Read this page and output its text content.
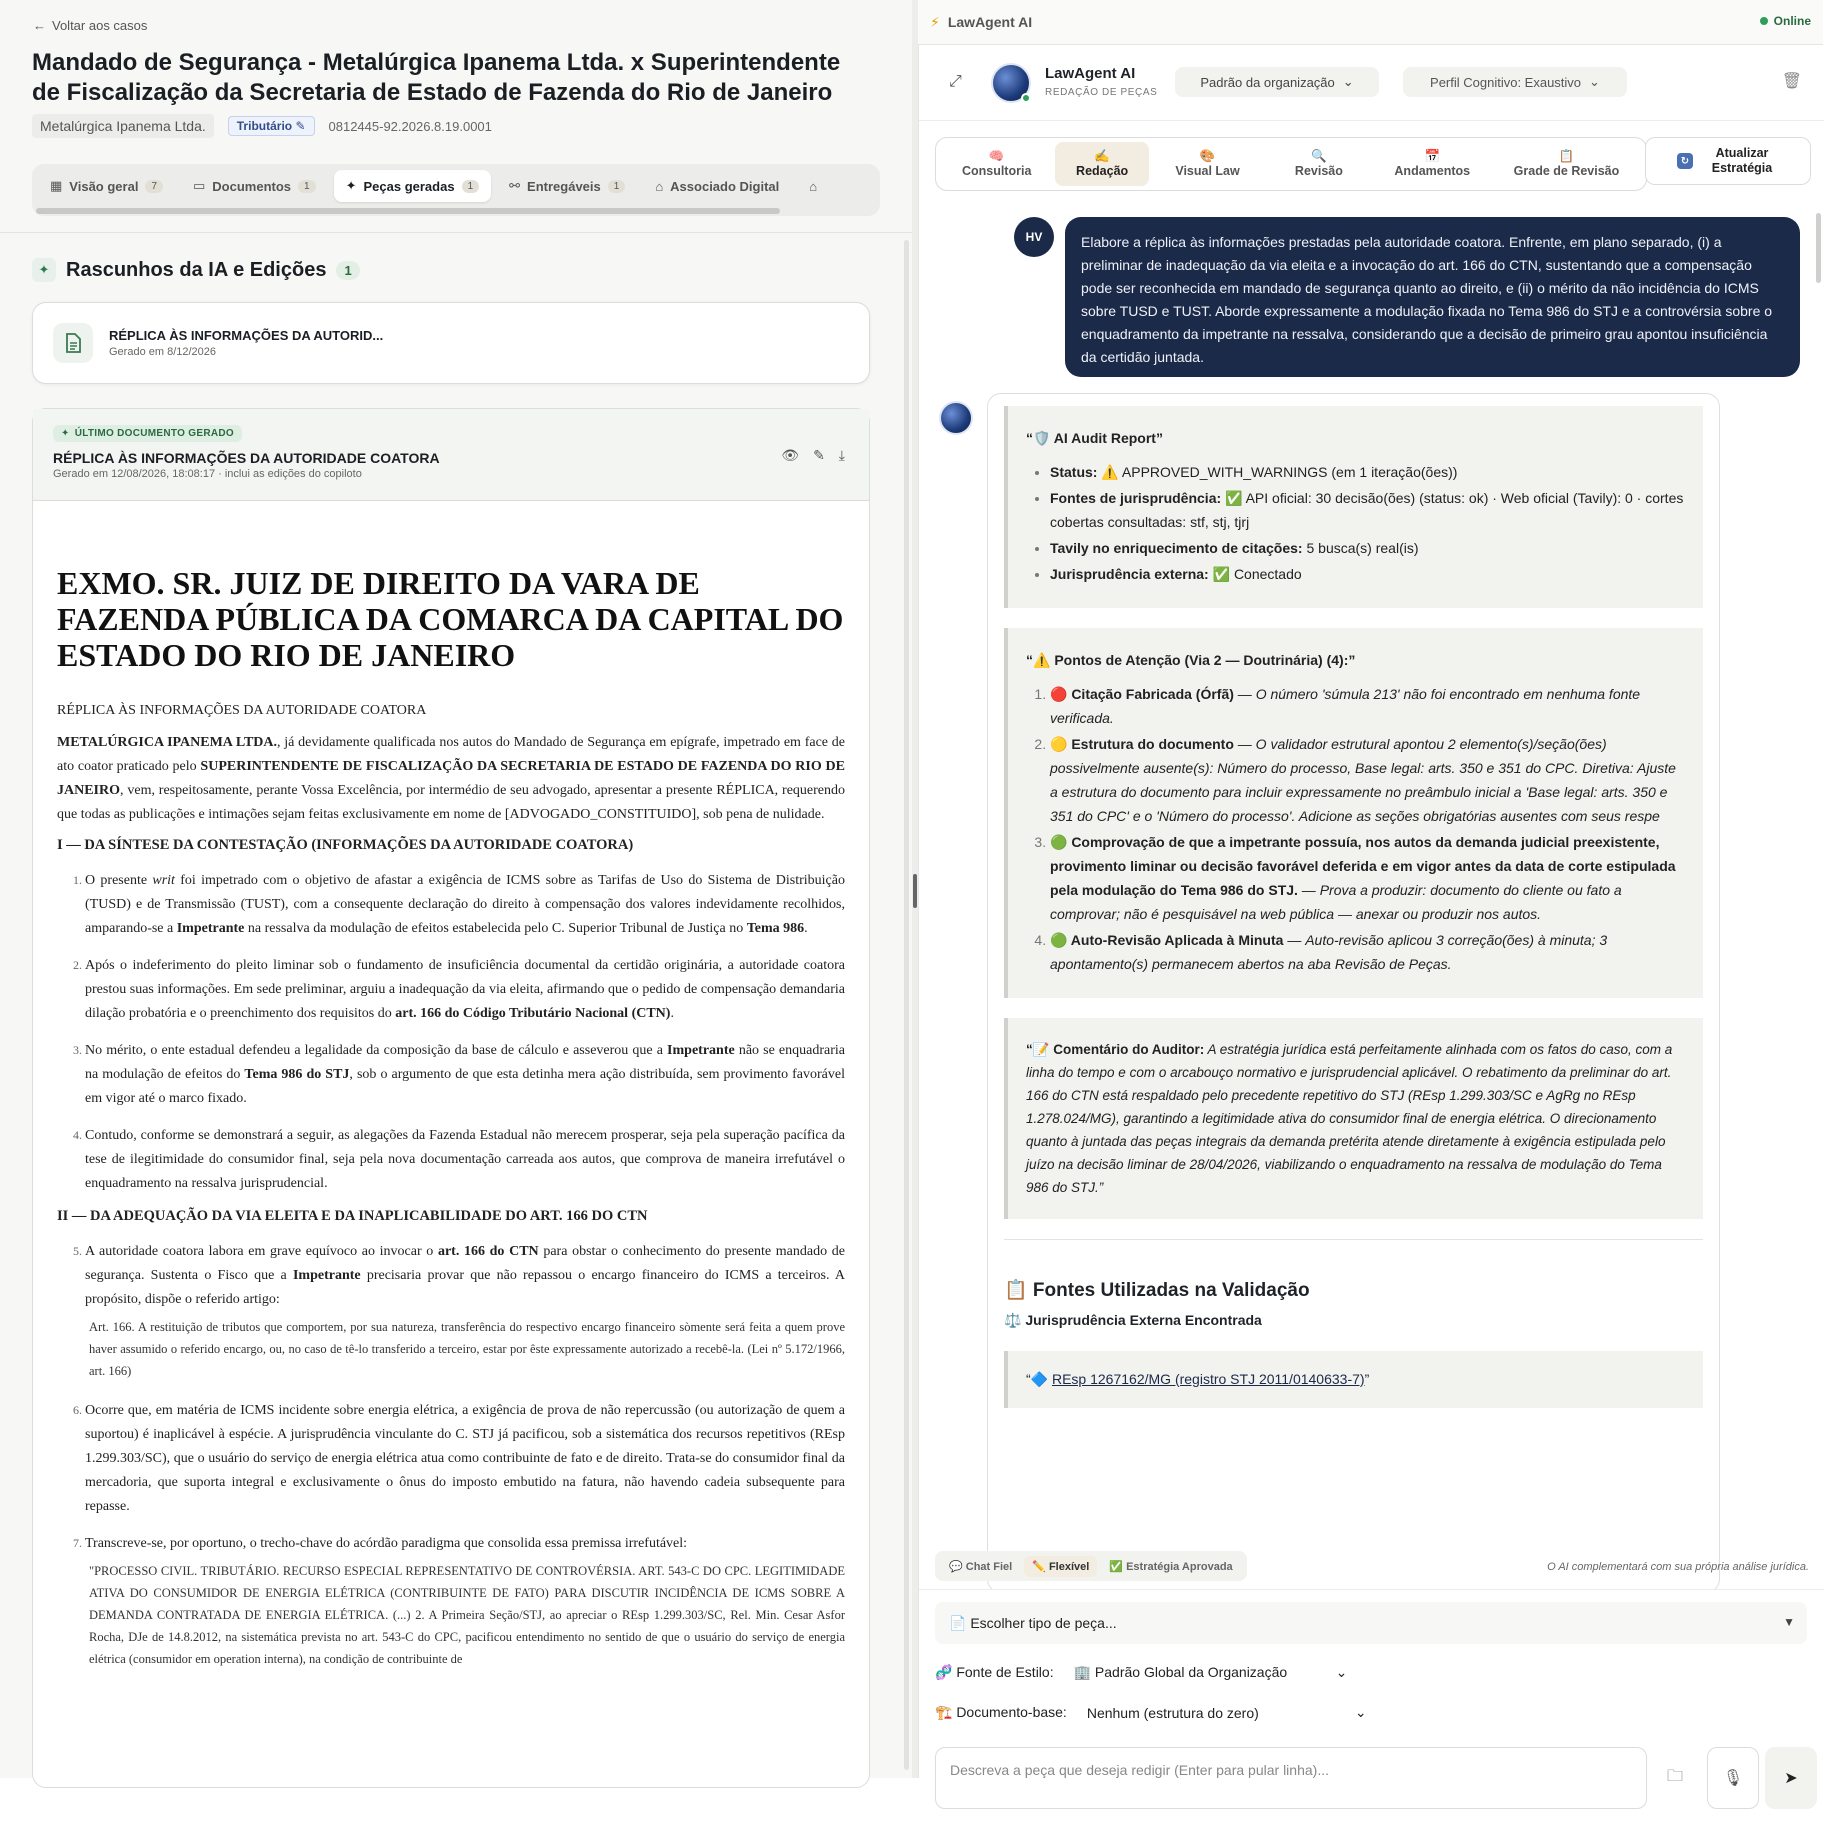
← Voltar aos casos
Mandado de Segurança - Metalúrgica Ipanema Ltda. x Superintendente de Fiscalização da Secretaria de Estado de Fazenda do Rio de Janeiro
Metalúrgica Ipanema Ltda.	Tributário ✎	0812445-92.2026.8.19.0001
▦ Visão geral	7	▭ Documentos	1	✦ Peças geradas	1	⚯ Entregáveis	1	⌂ Associado Digital ⌂
✦ Rascunhos da IA e Edições	1
RÉPLICA ÀS INFORMAÇÕES DA AUTORID...
Gerado em 8/12/2026
✦ ÚLTIMO DOCUMENTO GERADO
RÉPLICA ÀS INFORMAÇÕES DA AUTORIDADE COATORA
Gerado em 12/08/2026, 18:08:17 · inclui as edições do copiloto
👁 ✎ ⤓
EXMO. SR. JUIZ DE DIREITO DA VARA DE FAZENDA PÚBLICA DA COMARCA DA CAPITAL DO ESTADO DO RIO DE JANEIRO
RÉPLICA ÀS INFORMAÇÕES DA AUTORIDADE COATORA

METALÚRGICA IPANEMA LTDA., já devidamente qualificada nos autos do Mandado de Segurança em epígrafe, impetrado em face de ato coator praticado pelo SUPERINTENDENTE DE FISCALIZAÇÃO DA SECRETARIA DE ESTADO DE FAZENDA DO RIO DE JANEIRO, vem, respeitosamente, perante Vossa Excelência, por intermédio de seu advogado, apresentar a presente RÉPLICA, requerendo que todas as publicações e intimações sejam feitas exclusivamente em nome de [ADVOGADO_CONSTITUIDO], sob pena de nulidade.

I — DA SÍNTESE DA CONTESTAÇÃO (INFORMAÇÕES DA AUTORIDADE COATORA)
1. O presente writ foi impetrado com o objetivo de afastar a exigência de ICMS sobre as Tarifas de Uso do Sistema de Distribuição (TUSD) e de Transmissão (TUST), com a consequente declaração do direito à compensação dos valores indevidamente recolhidos, amparando-se a Impetrante na ressalva da modulação de efeitos estabelecida pelo C. Superior Tribunal de Justiça no Tema 986.
2. Após o indeferimento do pleito liminar sob o fundamento de insuficiência documental da certidão originária, a autoridade coatora prestou suas informações. Em sede preliminar, arguiu a inadequação da via eleita, afirmando que o pedido de compensação demandaria dilação probatória e o preenchimento dos requisitos do art. 166 do Código Tributário Nacional (CTN).
3. No mérito, o ente estadual defendeu a legalidade da composição da base de cálculo e asseverou que a Impetrante não se enquadraria na modulação de efeitos do Tema 986 do STJ, sob o argumento de que esta detinha mera ação distribuída, sem provimento favorável em vigor até o marco fixado.
4. Contudo, conforme se demonstrará a seguir, as alegações da Fazenda Estadual não merecem prosperar, seja pela superação pacífica da tese de ilegitimidade do consumidor final, seja pela nova documentação carreada aos autos, que comprova de maneira irrefutável o enquadramento na ressalva jurisprudencial.
II — DA ADEQUAÇÃO DA VIA ELEITA E DA INAPLICABILIDADE DO ART. 166 DO CTN
5. A autoridade coatora labora em grave equívoco ao invocar o art. 166 do CTN para obstar o conhecimento do presente mandado de segurança. Sustenta o Fisco que a Impetrante precisaria provar que não repassou o encargo financeiro do ICMS a terceiros. A propósito, dispõe o referido artigo:
Art. 166. A restituição de tributos que comportem, por sua natureza, transferência do respectivo encargo financeiro sòmente será feita a quem prove haver assumido o referido encargo, ou, no caso de tê-lo transferido a terceiro, estar por êste expressamente autorizado a recebê-la. (Lei nº 5.172/1966, art. 166)
6. Ocorre que, em matéria de ICMS incidente sobre energia elétrica, a exigência de prova de não repercussão (ou autorização de quem a suportou) é inaplicável à espécie. A jurisprudência vinculante do C. STJ já pacificou, sob a sistemática dos recursos repetitivos (REsp 1.299.303/SC), que o usuário do serviço de energia elétrica atua como contribuinte de fato e de direito. Trata-se do consumidor final da mercadoria, que suporta integral e exclusivamente o ônus do imposto embutido na fatura, não havendo cadeia subsequente para repasse.
7. Transcreve-se, por oportuno, o trecho-chave do acórdão paradigma que consolida essa premissa irrefutável:
"PROCESSO CIVIL. TRIBUTÁRIO. RECURSO ESPECIAL REPRESENTATIVO DE CONTROVÉRSIA. ART. 543-C DO CPC. LEGITIMIDADE ATIVA DO CONSUMIDOR DE ENERGIA ELÉTRICA (CONTRIBUINTE DE FATO) PARA DISCUTIR INCIDÊNCIA DE ICMS SOBRE A DEMANDA CONTRATADA DE ENERGIA ELÉTRICA. (...) 2. A Primeira Seção/STJ, ao apreciar o REsp 1.299.303/SC, Rel. Min. Cesar Asfor Rocha, DJe de 14.8.2012, na sistemática prevista no art. 543-C do CPC, pacificou entendimento no sentido de que o usuário do serviço de energia elétrica (consumidor em operation interna), na condição de contribuinte de
⚡ LawAgent AI	Online
⤢	LawAgent AI
REDAÇÃO DE PEÇAS
Padrão da organização ⌄	Perfil Cognitivo: Exaustivo ⌄	🗑
🧠
Consultoria
✍️
Redação
🎨
Visual Law
🔍
Revisão
📅
Andamentos
📋
Grade de Revisão
↻
Atualizar Estratégia
HV	Elabore a réplica às informações prestadas pela autoridade coatora. Enfrente, em plano separado, (i) a preliminar de inadequação da via eleita e a invocação do art. 166 do CTN, sustentando que a compensação pode ser reconhecida em mandado de segurança quanto ao direito, e (ii) o mérito da não incidência do ICMS sobre TUSD e TUST. Aborde expressamente a modulação fixada no Tema 986 do STJ e a controvérsia sobre o enquadramento da impetrante na ressalva, considerando que a decisão de primeiro grau apontou insuficiência da certidão juntada.
“🛡️ AI Audit Report”
• Status: ⚠️ APPROVED_WITH_WARNINGS (em 1 iteração(ões))
• Fontes de jurisprudência: ✅ API oficial: 30 decisão(ões) (status: ok) · Web oficial (Tavily): 0 · cortes cobertas consultadas: stf, stj, tjrj
• Tavily no enriquecimento de citações: 5 busca(s) real(is)
• Jurisprudência externa: ✅ Conectado
“⚠️ Pontos de Atenção (Via 2 — Doutrinária) (4):”
1. 🔴 Citação Fabricada (Órfã) — O número 'súmula 213' não foi encontrado em nenhuma fonte verificada.
2. 🟡 Estrutura do documento — O validador estrutural apontou 2 elemento(s)/seção(ões) possivelmente ausente(s): Número do processo, Base legal: arts. 350 e 351 do CPC. Diretiva: Ajuste a estrutura do documento para incluir expressamente no preâmbulo inicial a 'Base legal: arts. 350 e 351 do CPC' e o 'Número do processo'. Adicione as seções obrigatórias ausentes com seus respe
3. 🟢 Comprovação de que a impetrante possuía, nos autos da demanda judicial preexistente, provimento liminar ou decisão favorável deferida e em vigor antes da data de corte estipulada pela modulação do Tema 986 do STJ. — Prova a produzir: documento do cliente ou fato a comprovar; não é pesquisável na web pública — anexar ou produzir nos autos.
4. 🟢 Auto-Revisão Aplicada à Minuta — Auto-revisão aplicou 3 correção(ões) à minuta; 3 apontamento(s) permanecem abertos na aba Revisão de Peças.
“📝 Comentário do Auditor: A estratégia jurídica está perfeitamente alinhada com os fatos do caso, com a linha do tempo e com o arcabouço normativo e jurisprudencial aplicável. O rebatimento da preliminar do art. 166 do CTN está respaldado pelo precedente repetitivo do STJ (REsp 1.299.303/SC e AgRg no REsp 1.278.024/MG), garantindo a legitimidade ativa do consumidor final de energia elétrica. O direcionamento quanto à juntada das peças integrais da demanda pretérita atende diretamente à exigência estipulada pelo juízo na decisão liminar de 28/04/2026, viabilizando o enquadramento na ressalva de modulação do Tema 986 do STJ.”
📋 Fontes Utilizadas na Validação
⚖️ Jurisprudência Externa Encontrada
“🔷 REsp 1267162/MG (registro STJ 2011/0140633-7)”
💬 Chat Fiel	✏️ Flexível	✅ Estratégia Aprovada	O AI complementará com sua própria análise jurídica.
📄 Escolher tipo de peça...	▼
🧬 Fonte de Estilo: 🏢 Padrão Global da Organização	⌄
🏗️ Documento-base: Nenhum (estrutura do zero)	⌄
Descreva a peça que deseja redigir (Enter para pular linha)...	🗀	🎙	➤
